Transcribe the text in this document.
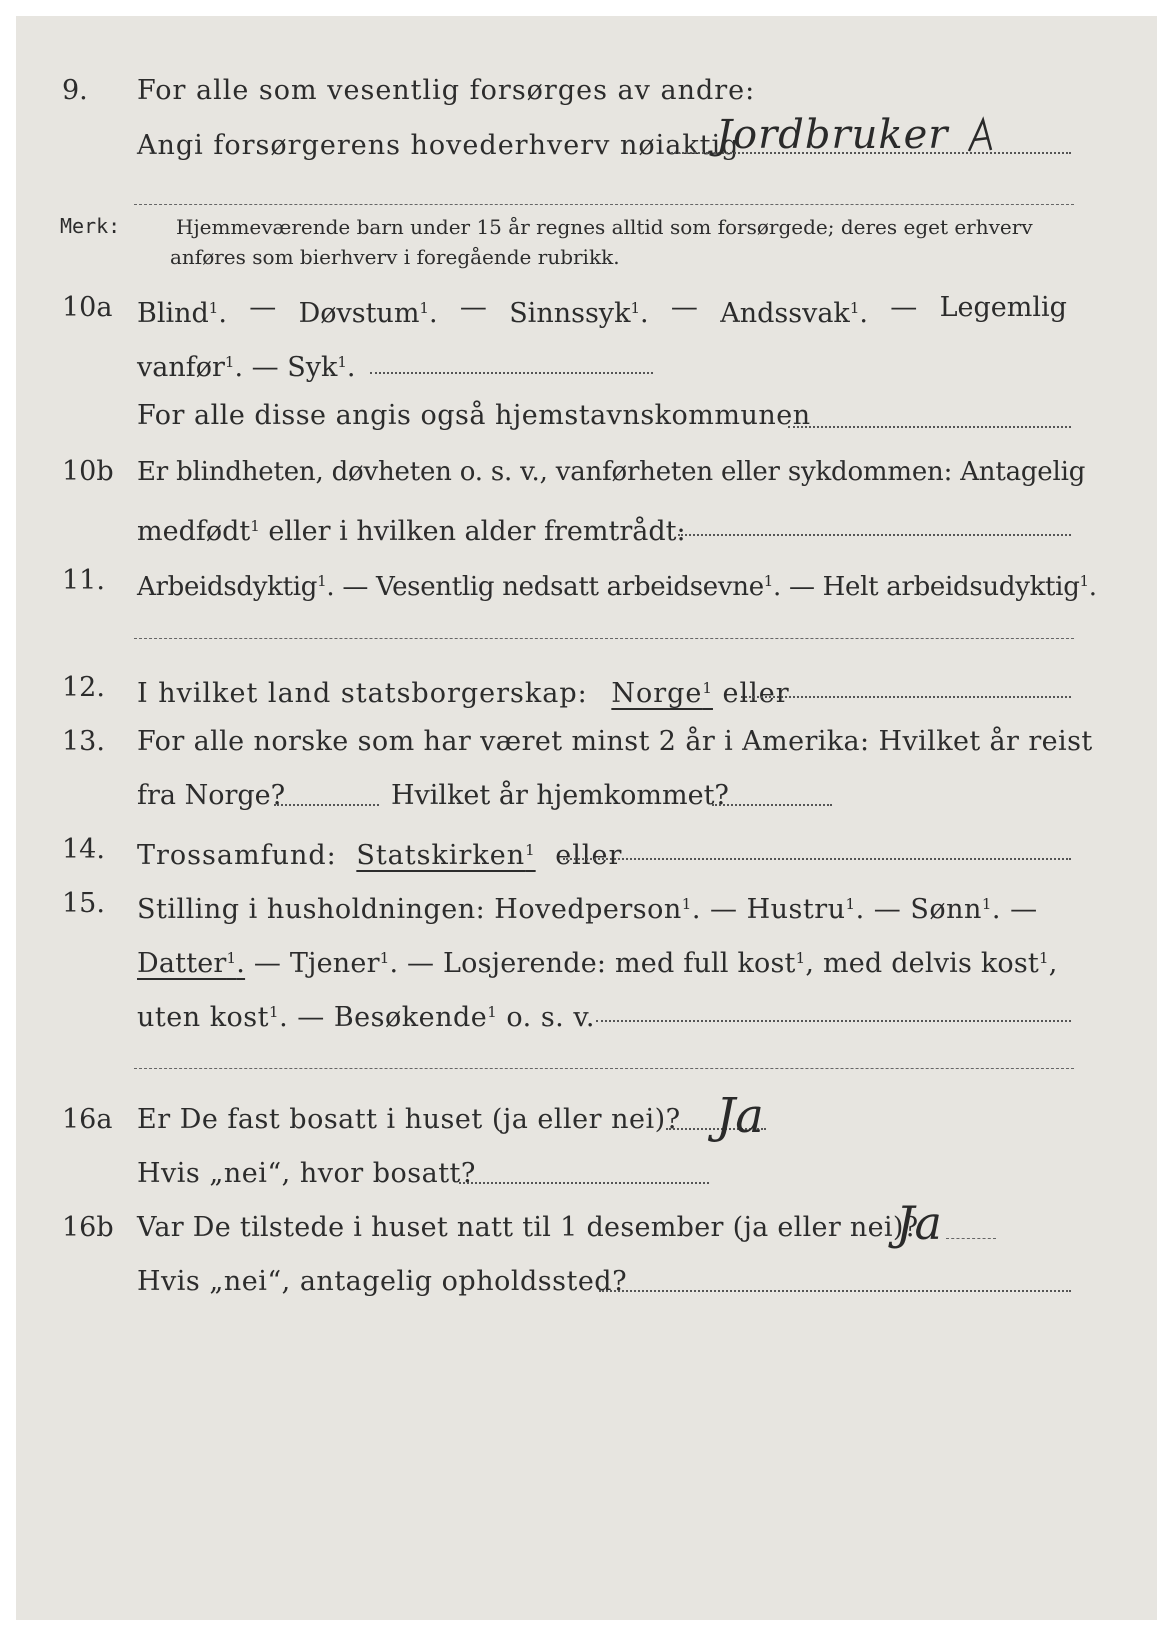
9.	For alle som vesentlig forsørges av andre:
Angi forsørgerens hovederhverv nøiaktig
Jordbruker
Merk:	Hjemmeværende barn under 15 år regnes alltid som forsørgede; deres eget erhverv
anføres som bierhverv i foregående rubrikk.
10a Blind$^1$. — Døvstum$^1$. — Sinnssyk$^1$. — Andssvak$^1$. — Legemlig
vanfør$^1$. — Syk$^1$.
For alle disse angis også hjemstavnskommunen
10b Er blindheten, døvheten o. s. v., vanførheten eller sykdommen: Antagelig
medfødt$^1$ eller i hvilken alder fremtrådt:
11.	Arbeidsdyktig$^1$. — Vesentlig nedsatt arbeidsevne$^1$. — Helt arbeidsudyktig$^1$.
12.	I hvilket land statsborgerskap: Norge$^1$ eller
13.	For alle norske som har været minst 2 år i Amerika: Hvilket år reist
fra Norge?	Hvilket år hjemkommet?
14.	Trossamfund: Statskirken$^1$ eller
15.	Stilling i husholdningen: Hovedperson$^1$. — Hustru$^1$. — Sønn$^1$. —
Datter$^1$. — Tjener$^1$. — Losjerende: med full kost$^1$, med delvis kost$^1$,
uten kost$^1$. — Besøkende$^1$ o. s. v.
16a Er De fast bosatt i huset (ja eller nei)? Ja
Hvis „nei“, hvor bosatt?
16b Var De tilstede i huset natt til 1 desember (ja eller nei)?
Ja
Hvis „nei“, antagelig opholdssted?
